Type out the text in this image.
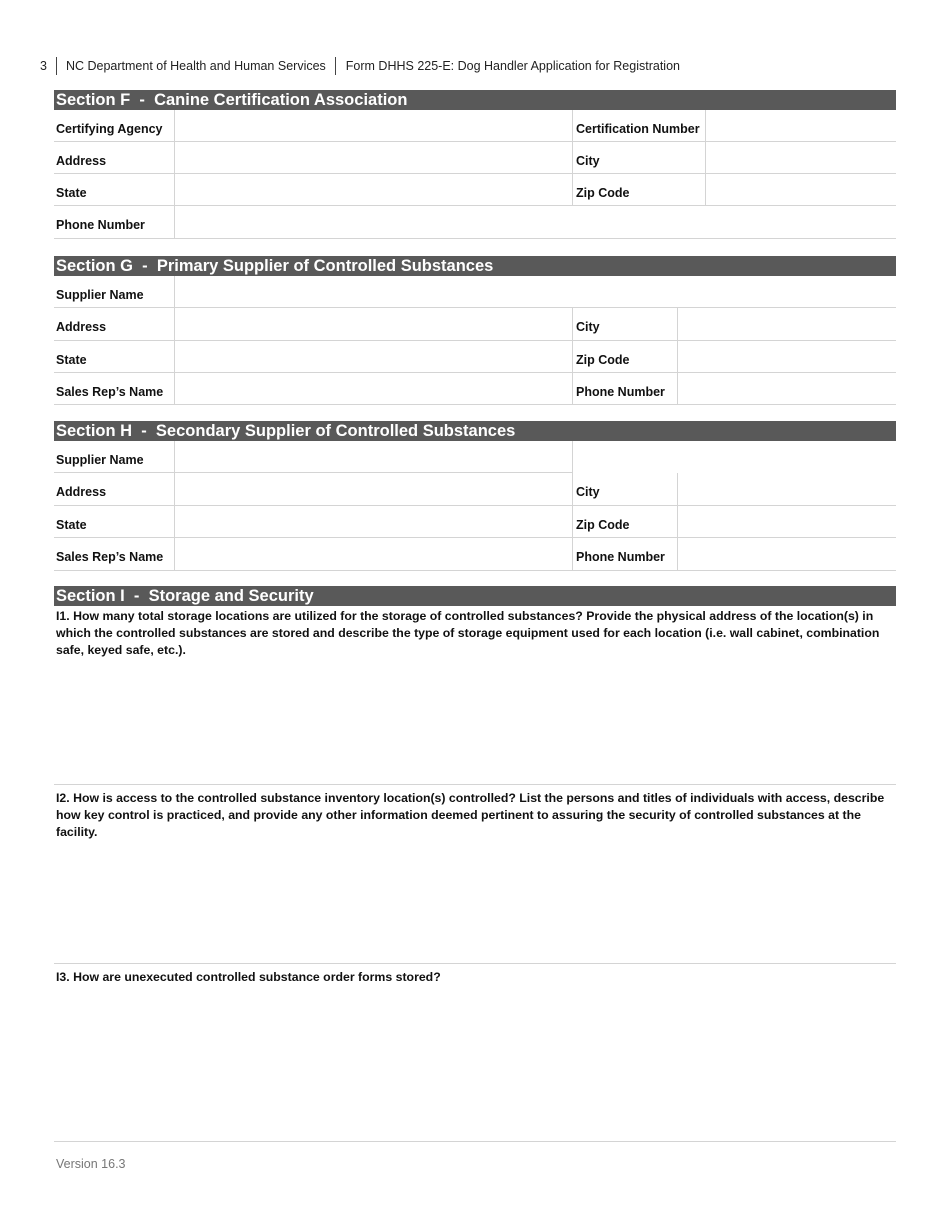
3	NC Department of Health and Human Services	Form DHHS 225-E: Dog Handler Application for Registration
Section F  -  Canine Certification Association
Certifying Agency	Certification Number
Address	City
State	Zip Code
Phone Number
Section G  -  Primary Supplier of Controlled Substances
Supplier Name
Address	City
State	Zip Code
Sales Rep’s Name	Phone Number
Section H  -  Secondary Supplier of Controlled Substances
Supplier Name
Address	City
State	Zip Code
Sales Rep’s Name	Phone Number
Section I  -  Storage and Security
I1. How many total storage locations are utilized for the storage of controlled substances? Provide the physical address of the location(s) in which the controlled substances are stored and describe the type of storage equipment used for each location (i.e. wall cabinet, combination safe, keyed safe, etc.).
I2. How is access to the controlled substance inventory location(s) controlled? List the persons and titles of individuals with access, describe how key control is practiced, and provide any other information deemed pertinent to assuring the security of controlled substances at the facility.
I3. How are unexecuted controlled substance order forms stored?
Version 16.3
